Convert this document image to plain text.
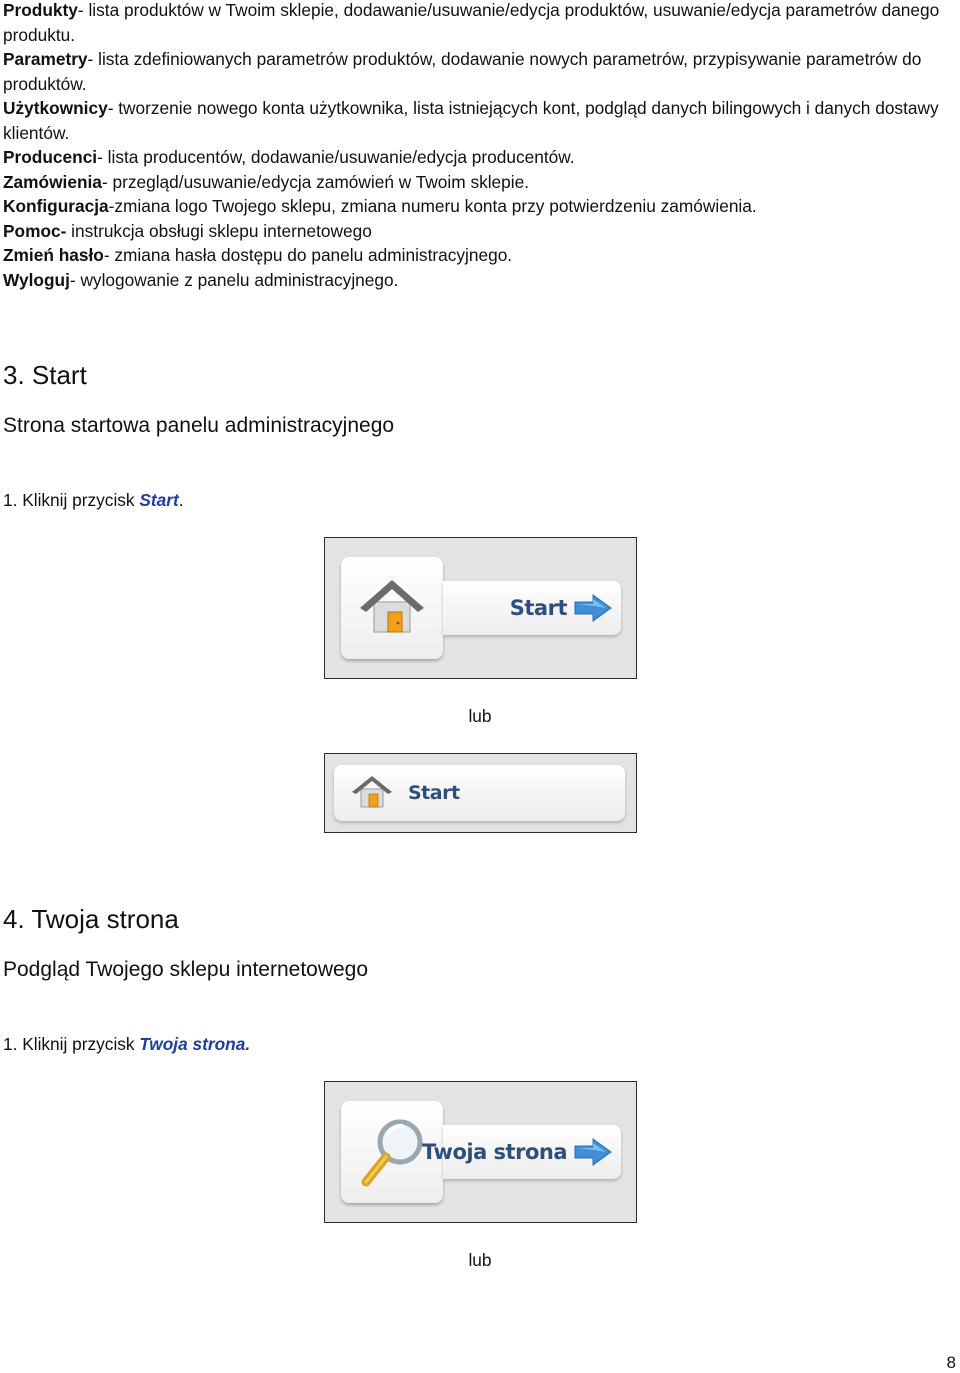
Produkty- lista produktów w Twoim sklepie, dodawanie/usuwanie/edycja produktów, usuwanie/edycja parametrów danego produktu.

Parametry- lista zdefiniowanych parametrów produktów, dodawanie nowych parametrów, przypisywanie parametrów do produktów.

Użytkownicy- tworzenie nowego konta użytkownika, lista istniejących kont, podgląd danych bilingowych i danych dostawy klientów.

Producenci- lista producentów, dodawanie/usuwanie/edycja producentów.

Zamówienia- przegląd/usuwanie/edycja zamówień w Twoim sklepie.

Konfiguracja-zmiana logo Twojego sklepu, zmiana numeru konta przy potwierdzeniu zamówienia.

Pomoc- instrukcja obsługi sklepu internetowego

Zmień hasło- zmiana hasła dostępu do panelu administracyjnego.

Wyloguj- wylogowanie z panelu administracyjnego.

3. Start

Strona startowa panelu administracyjnego

1. Kliknij przycisk Start.

Start

lub

Start
4. Twoja strona

Podgląd Twojego sklepu internetowego

1. Kliknij przycisk Twoja strona.

Twoja strona

lub

8
